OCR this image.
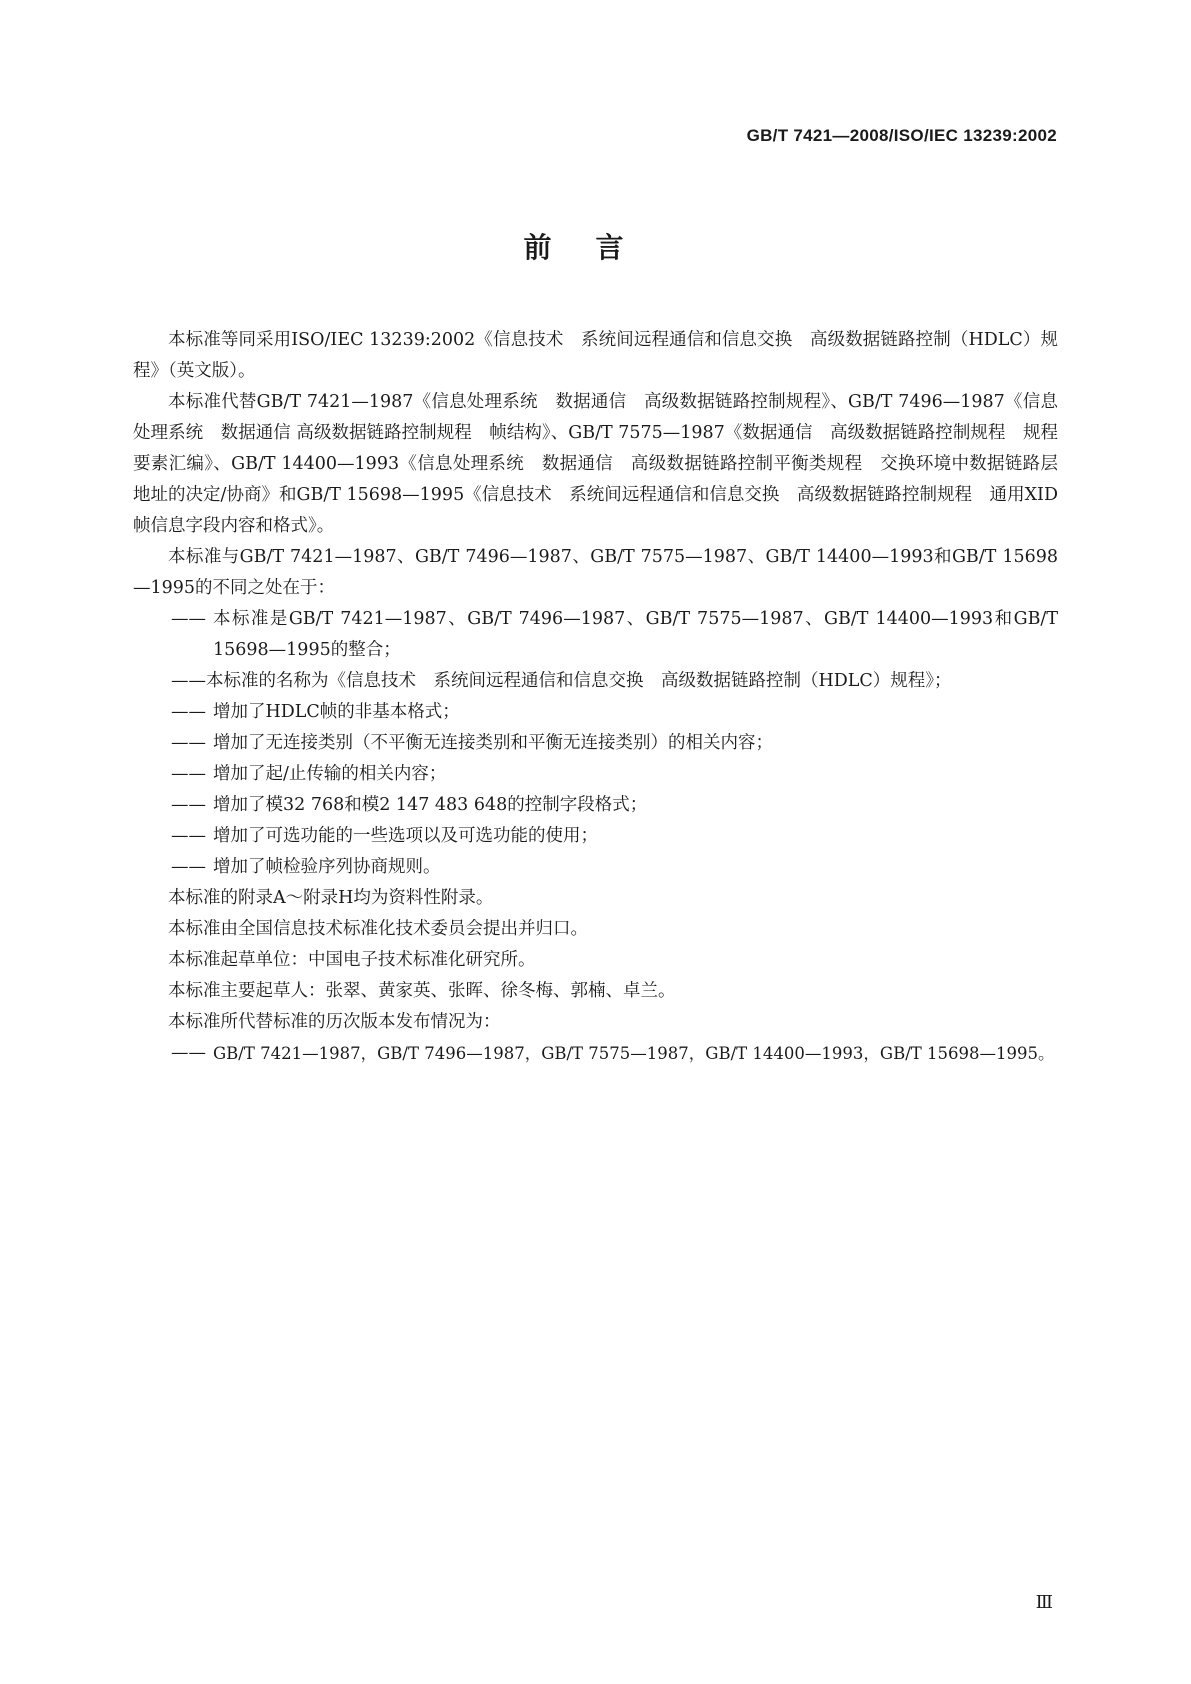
GB/T 7421—2008/ISO/IEC 13239:2002
前言

本标准等同采用ISO/IEC 13239:2002《信息技术　系统间远程通信和信息交换　高级数据链路控制（HDLC）规程》（英文版）。

本标准代替GB/T 7421—1987《信息处理系统　数据通信　高级数据链路控制规程》、GB/T 7496—1987《信息处理系统　数据通信 高级数据链路控制规程　帧结构》、GB/T 7575—1987《数据通信　高级数据链路控制规程　规程要素汇编》、GB/T 14400—1993《信息处理系统　数据通信　高级数据链路控制平衡类规程　交换环境中数据链路层地址的决定/协商》和GB/T 15698—1995《信息技术　系统间远程通信和信息交换　高级数据链路控制规程　通用XID帧信息字段内容和格式》。

本标准与GB/T 7421—1987、GB/T 7496—1987、GB/T 7575—1987、GB/T 14400—1993和GB/T 15698—1995的不同之处在于：

—— 本标准是GB/T 7421—1987、GB/T 7496—1987、GB/T 7575—1987、GB/T 14400—1993和GB/T 15698—1995的整合；
——本标准的名称为《信息技术　系统间远程通信和信息交换　高级数据链路控制（HDLC）规程》；
—— 增加了HDLC帧的非基本格式；
—— 增加了无连接类别（不平衡无连接类别和平衡无连接类别）的相关内容；
—— 增加了起/止传输的相关内容；
—— 增加了模32 768和模2 147 483 648的控制字段格式；
—— 增加了可选功能的一些选项以及可选功能的使用；
—— 增加了帧检验序列协商规则。

本标准的附录A～附录H均为资料性附录。

本标准由全国信息技术标准化技术委员会提出并归口。

本标准起草单位：中国电子技术标准化研究所。

本标准主要起草人：张翠、黄家英、张晖、徐冬梅、郭楠、卓兰。

本标准所代替标准的历次版本发布情况为：

—— GB/T 7421—1987，GB/T 7496—1987，GB/T 7575—1987，GB/T 14400—1993，GB/T 15698—1995。
Ⅲ
